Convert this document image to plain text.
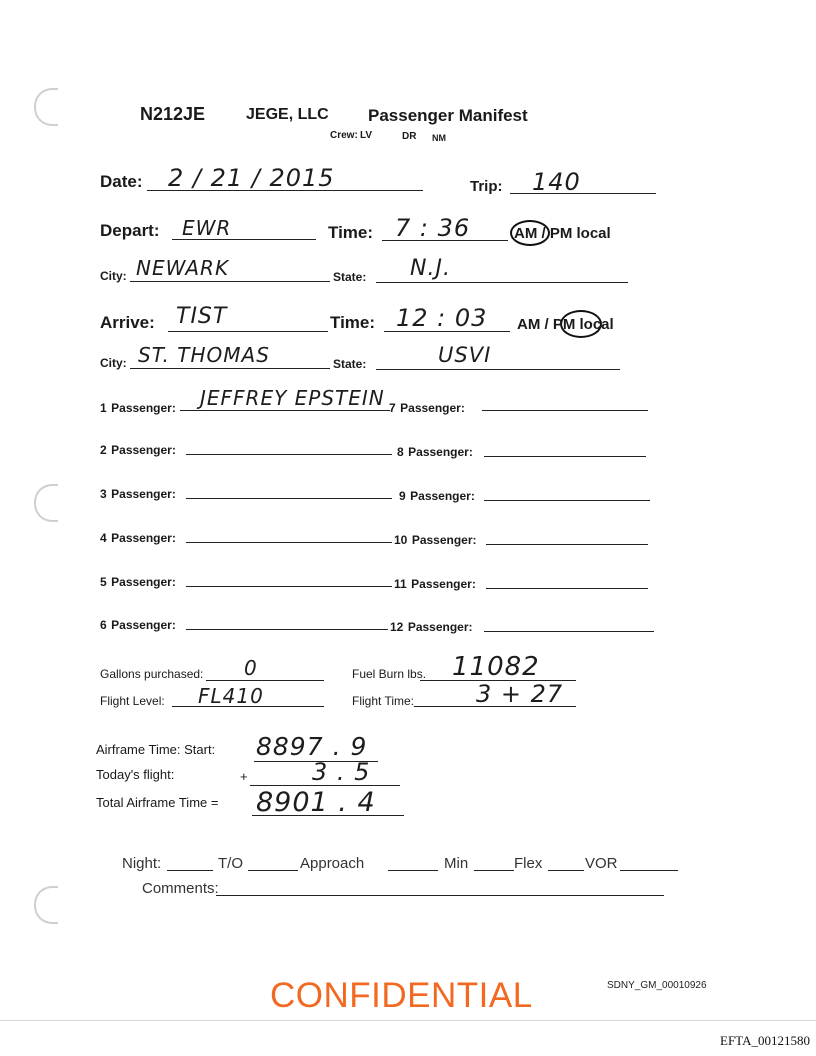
N212JE	JEGE, LLC Passenger Manifest
Crew: LV	DR NM
Date: 2 / 21 / 2015	Trip: 140
Depart: EWR	Time: 7 : 36	AM / PM local
City: NEWARK	State: N.J.
Arrive: TIST	Time: 12 : 03 AM / PM local
City: ST. THOMAS	State:	USVI
1 Passenger: JEFFREY EPSTEIN
2 Passenger:
3 Passenger:
4 Passenger:
5 Passenger:
6 Passenger:
7 Passenger:
8 Passenger:
9 Passenger:
10 Passenger:
11 Passenger:
12 Passenger:
Gallons purchased: 0	Fuel Burn lbs. 11082
Flight Level: FL410	Flight Time:	3 + 27
Airframe Time: Start: 8897 . 9
Today's flight:	+	3 . 5
Total Airframe Time = 8901 . 4
Night:	T/O	Approach	Min	Flex	VOR
Comments:
CONFIDENTIAL	SDNY_GM_00010926
EFTA_00121580
